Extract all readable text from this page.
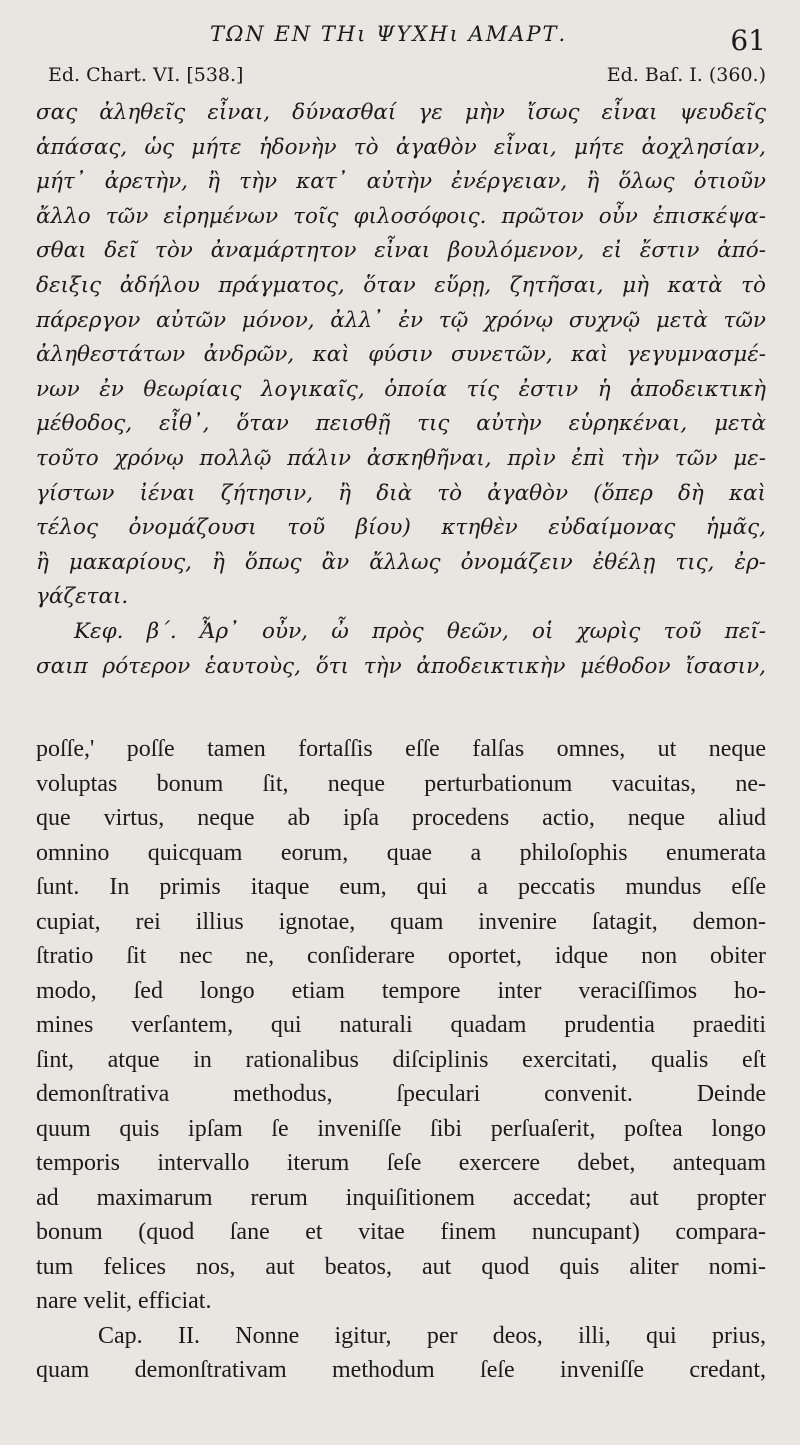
ΤΩΝ ΕΝ ΤΗι ΨΥΧΗι ΑΜΑΡΤ.	61
Ed. Chart. VI. [538.]	Ed. Baſ. I. (360.)
σας ἀληθεῖς εἶναι, δύνασθαί γε μὴν ἴσως εἶναι ψευδεῖς
ἁπάσας, ὡς μήτε ἡδονὴν τὸ ἀγαθὸν εἶναι, μήτε ἀοχλησίαν,
μήτ᾽ ἀρετὴν, ἢ τὴν κατ᾽ αὐτὴν ἐνέργειαν, ἢ ὅλως ὁτιοῦν
ἄλλο τῶν εἰρημένων τοῖς φιλοσόφοις. πρῶτον οὖν ἐπισκέψα-
σθαι δεῖ τὸν ἀναμάρτητον εἶναι βουλόμενον, εἰ ἔστιν ἀπό-
δειξις ἀδήλου πράγματος, ὅταν εὕρῃ, ζητῆσαι, μὴ κατὰ τὸ
πάρεργον αὐτῶν μόνον, ἀλλ᾽ ἐν τῷ χρόνῳ συχνῷ μετὰ τῶν
ἀληθεστάτων ἀνδρῶν, καὶ φύσιν συνετῶν, καὶ γεγυμνασμέ-
νων ἐν θεωρίαις λογικαῖς, ὁποία τίς ἐστιν ἡ ἀποδεικτικὴ
μέθοδος, εἶθ᾽, ὅταν πεισθῇ τις αὐτὴν εὑρηκέναι, μετὰ
τοῦτο χρόνῳ πολλῷ πάλιν ἀσκηθῆναι, πρὶν ἐπὶ τὴν τῶν με-
γίστων ἰέναι ζήτησιν, ἢ διὰ τὸ ἀγαθὸν (ὅπερ δὴ καὶ
τέλος ὀνομάζουσι τοῦ βίου) κτηθὲν εὐδαίμονας ἡμᾶς,
ἢ μακαρίους, ἢ ὅπως ἂν ἄλλως ὀνομάζειν ἐθέλῃ τις, ἐρ-
γάζεται.
Κεφ. β΄. Ἆρ᾽ οὖν, ὦ πρὸς θεῶν, οἱ χωρὶς τοῦ πεῖ-
σαιπ ρότερον ἑαυτοὺς, ὅτι τὴν ἀποδεικτικὴν μέθοδον ἴσασιν,
poſſe,' poſſe tamen fortaſſis eſſe falſas omnes, ut neque
voluptas bonum ſit, neque perturbationum vacuitas, ne-
que virtus, neque ab ipſa procedens actio, neque aliud
omnino quicquam eorum, quae a philoſophis enumerata
ſunt. In primis itaque eum, qui a peccatis mundus eſſe
cupiat, rei illius ignotae, quam invenire ſatagit, demon-
ſtratio ſit nec ne, conſiderare oportet, idque non obiter
modo, ſed longo etiam tempore inter veraciſſimos ho-
mines verſantem, qui naturali quadam prudentia praediti
ſint, atque in rationalibus diſciplinis exercitati, qualis eſt
demonſtrativa methodus, ſpeculari convenit. Deinde
quum quis ipſam ſe inveniſſe ſibi perſuaſerit, poſtea longo
temporis intervallo iterum ſeſe exercere debet, antequam
ad maximarum rerum inquiſitionem accedat; aut propter
bonum (quod ſane et vitae finem nuncupant) compara-
tum felices nos, aut beatos, aut quod quis aliter nomi-
nare velit, efficiat.
Cap. II. Nonne igitur, per deos, illi, qui prius,
quam demonſtrativam methodum ſeſe inveniſſe credant,
